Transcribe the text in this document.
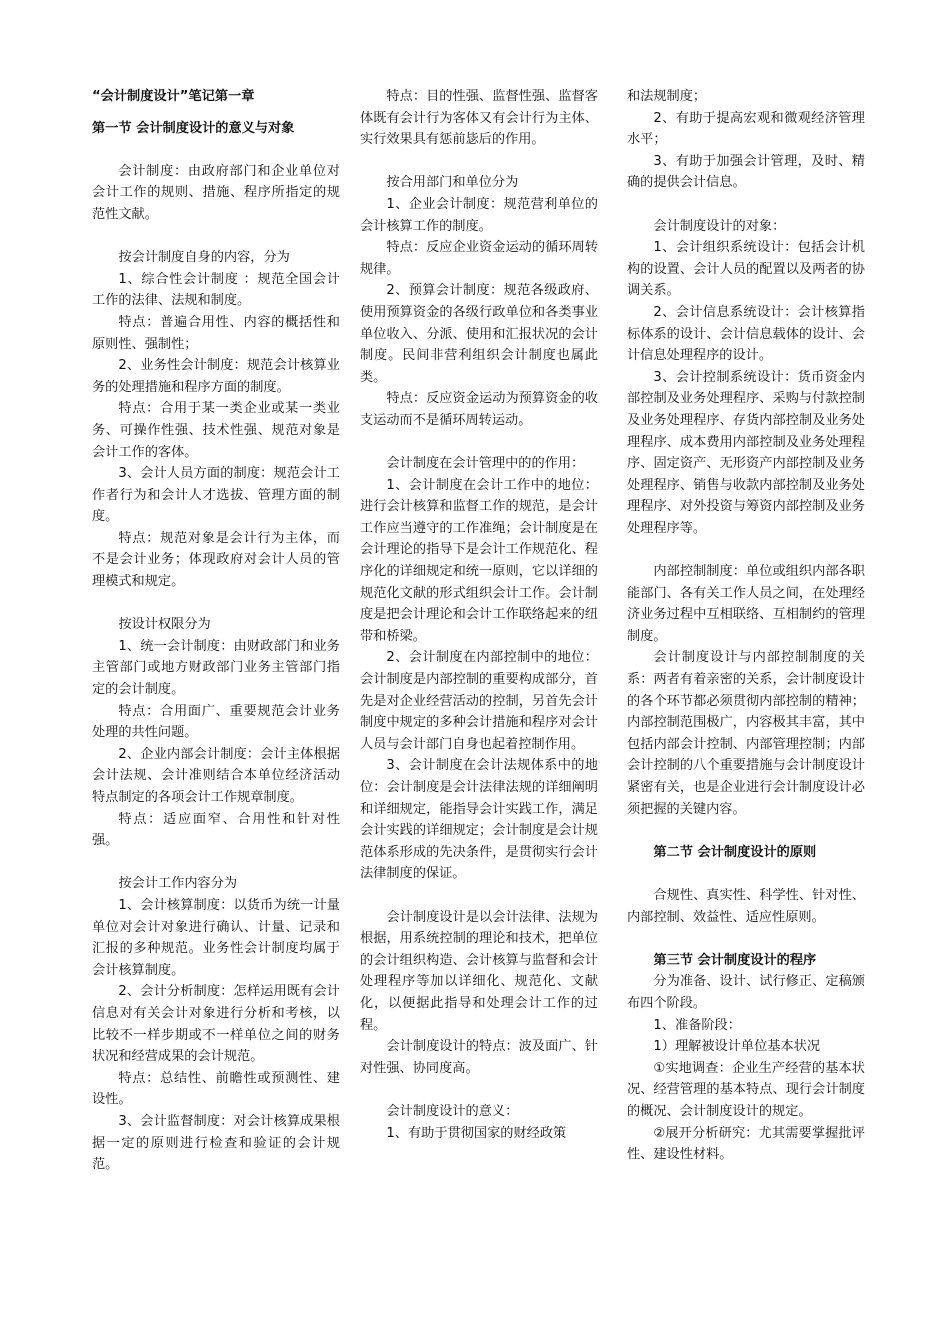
“会计制度设计”笔记第一章

第一节 会计制度设计的意义与对象

会计制度：由政府部门和企业单位对会计工作的规则、措施、程序所指定的规范性文献。

按会计制度自身的内容，分为

1、综合性会计制度 ：规范全国会计工作的法律、法规和制度。

特点：普遍合用性、内容的概括性和原则性、强制性；

2、业务性会计制度：规范会计核算业务的处理措施和程序方面的制度。

特点：合用于某一类企业或某一类业务、可操作性强、技术性强、规范对象是会计工作的客体。

3、会计人员方面的制度：规范会计工作者行为和会计人才选拔、管理方面的制度。

特点：规范对象是会计行为主体，而不是会计业务；体现政府对会计人员的管理模式和规定。

按设计权限分为

1、统一会计制度：由财政部门和业务主管部门或地方财政部门业务主管部门指定的会计制度。

特点：合用面广、重要规范会计业务处理的共性问题。

2、企业内部会计制度：会计主体根据会计法规、会计准则结合本单位经济活动特点制定的各项会计工作规章制度。

特点：适应面窄、合用性和针对性强。

按会计工作内容分为

1、会计核算制度：以货币为统一计量单位对会计对象进行确认、计量、记录和汇报的多种规范。业务性会计制度均属于会计核算制度。

2、会计分析制度：怎样运用既有会计信息对有关会计对象进行分析和考核，以比较不一样步期或不一样单位之间的财务状况和经营成果的会计规范。

特点：总结性、前瞻性或预测性、建设性。

3、会计监督制度：对会计核算成果根据一定的原则进行检查和验证的会计规范。

特点：目的性强、监督性强、监督客体既有会计行为客体又有会计行为主体、实行效果具有惩前毖后的作用。

按合用部门和单位分为

1、企业会计制度：规范营利单位的会计核算工作的制度。

特点：反应企业资金运动的循环周转规律。

2、预算会计制度：规范各级政府、使用预算资金的各级行政单位和各类事业单位收入、分派、使用和汇报状况的会计制度。民间非营利组织会计制度也属此类。

特点：反应资金运动为预算资金的收支运动而不是循环周转运动。

会计制度在会计管理中的的作用：

1、会计制度在会计工作中的地位：进行会计核算和监督工作的规范，是会计工作应当遵守的工作准绳；会计制度是在会计理论的指导下是会计工作规范化、程序化的详细规定和统一原则，它以详细的规范化文献的形式组织会计工作。会计制度是把会计理论和会计工作联络起来的纽带和桥梁。

2、会计制度在内部控制中的地位：会计制度是内部控制的重要构成部分，首先是对企业经营活动的控制，另首先会计制度中规定的多种会计措施和程序对会计人员与会计部门自身也起着控制作用。

3、会计制度在会计法规体系中的地位：会计制度是会计法律法规的详细阐明和详细规定，能指导会计实践工作，满足会计实践的详细规定；会计制度是会计规范体系形成的先决条件，是贯彻实行会计法律制度的保证。

会计制度设计是以会计法律、法规为根据，用系统控制的理论和技术，把单位的会计组织构造、会计核算与监督和会计处理程序等加以详细化、规范化、文献化，以便据此指导和处理会计工作的过程。

会计制度设计的特点：波及面广、针对性强、协同度高。

会计制度设计的意义：

1、有助于贯彻国家的财经政策

和法规制度；

2、有助于提高宏观和微观经济管理水平；

3、有助于加强会计管理，及时、精确的提供会计信息。

会计制度设计的对象：

1、会计组织系统设计：包括会计机构的设置、会计人员的配置以及两者的协调关系。

2、会计信息系统设计：会计核算指标体系的设计、会计信息载体的设计、会计信息处理程序的设计。

3、会计控制系统设计：货币资金内部控制及业务处理程序、采购与付款控制及业务处理程序、存货内部控制及业务处理程序、成本费用内部控制及业务处理程序、固定资产、无形资产内部控制及业务处理程序、销售与收款内部控制及业务处理程序、对外投资与筹资内部控制及业务处理程序等。

内部控制制度：单位或组织内部各职能部门、各有关工作人员之间，在处理经济业务过程中互相联络、互相制约的管理制度。

会计制度设计与内部控制制度的关系：两者有着亲密的关系，会计制度设计的各个环节都必须贯彻内部控制的精神；内部控制范围极广，内容极其丰富，其中包括内部会计控制、内部管理控制；内部会计控制的八个重要措施与会计制度设计紧密有关，也是企业进行会计制度设计必须把握的关键内容。

第二节 会计制度设计的原则

合规性、真实性、科学性、针对性、内部控制、效益性、适应性原则。

第三节 会计制度设计的程序

分为准备、设计、试行修正、定稿颁布四个阶段。

1、准备阶段：

1）理解被设计单位基本状况

①实地调查：企业生产经营的基本状况、经营管理的基本特点、现行会计制度的概况、会计制度设计的规定。

②展开分析研究：尤其需要掌握批评性、建设性材料。
